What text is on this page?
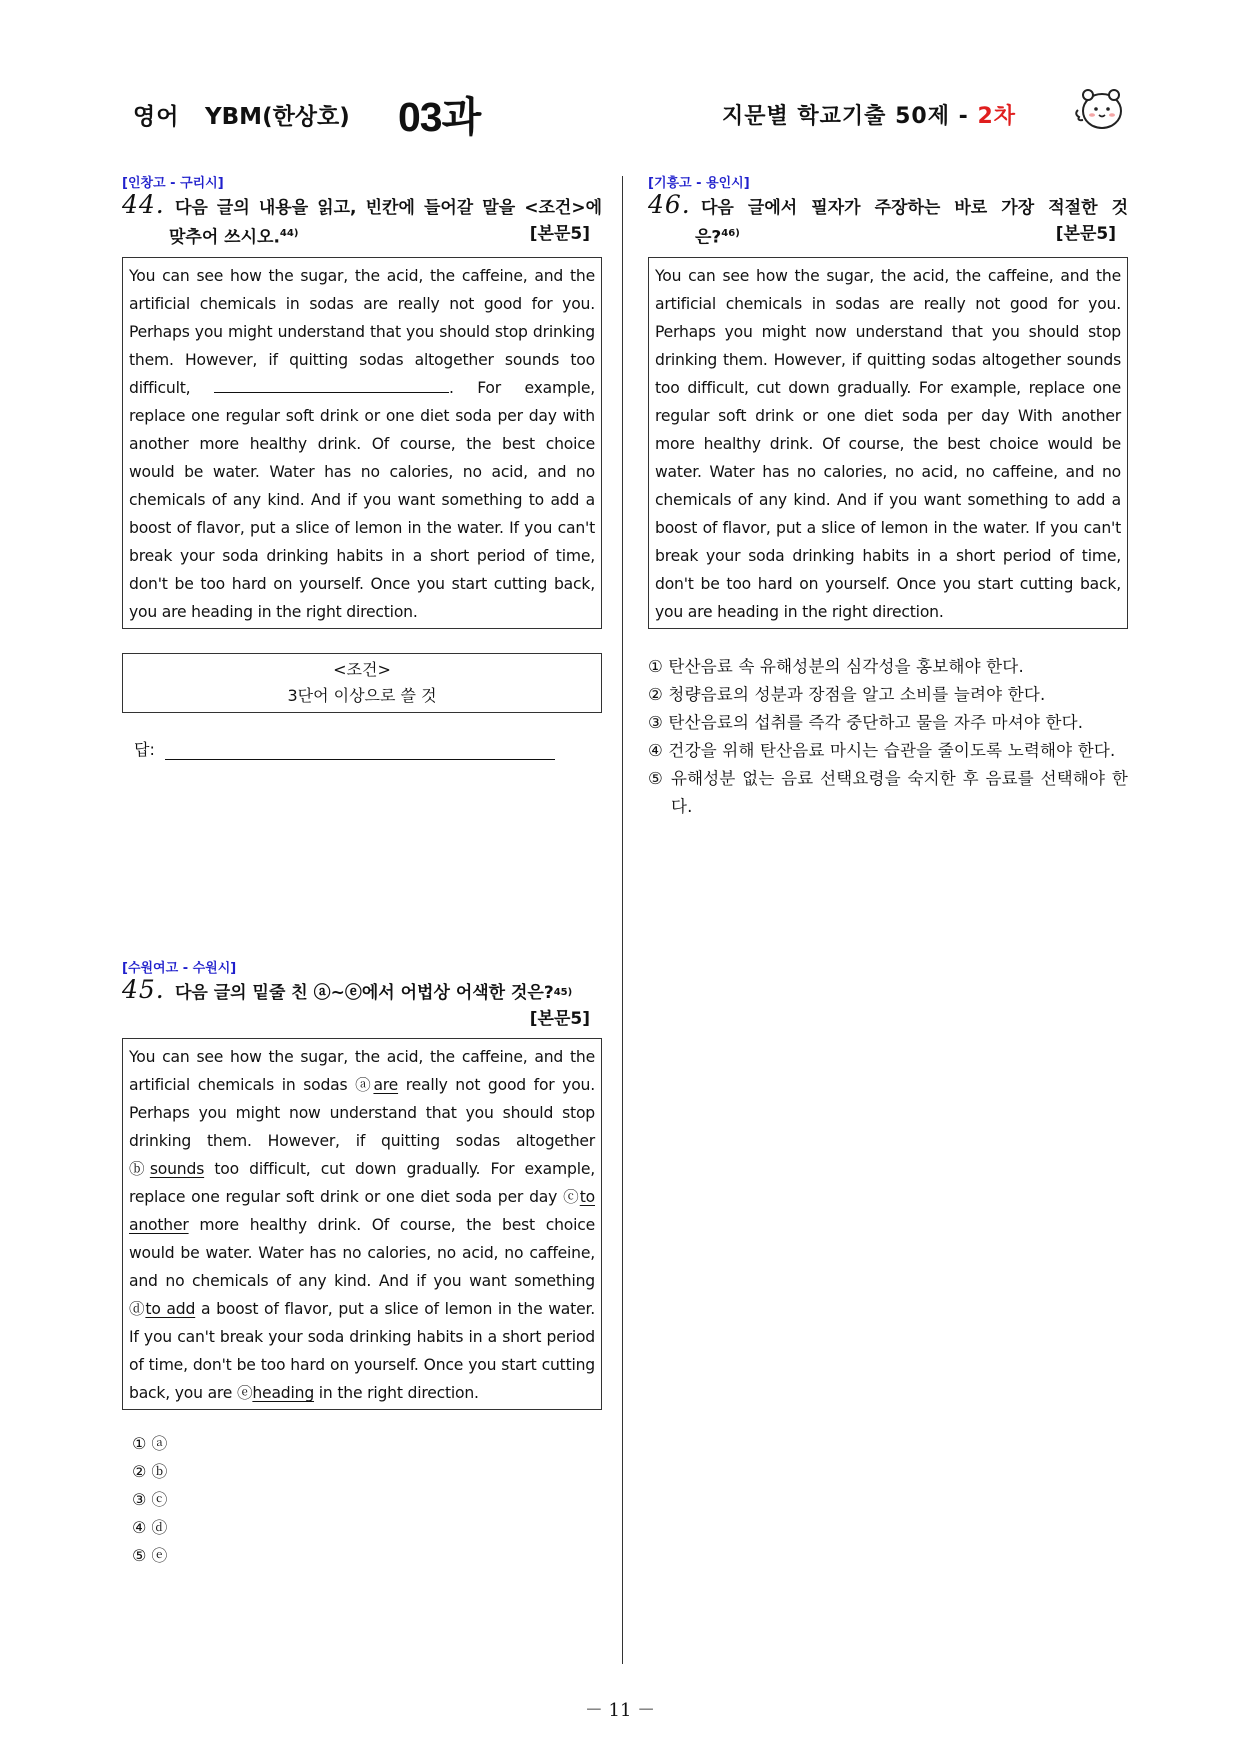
영어 YBM(한상호) 03과	지문별 학교기출 50제 - 2차
[인창고 - 구리시]
44. 다음 글의 내용을 읽고, 빈칸에 들어갈 말을 <조건>에
맞추어 쓰시오.$^{44)}$	[본문5]
You can see how the sugar, the acid, the caffeine, and the artificial chemicals in sodas are really not good for you. Perhaps you might understand that you should stop drinking them. However, if quitting sodas altogether sounds too difficult,	. For example, replace one regular soft drink or one diet soda per day with another more healthy drink. Of course, the best choice would be water. Water has no calories, no acid, and no chemicals of any kind. And if you want something to add a boost of flavor, put a slice of lemon in the water. If you can't break your soda drinking habits in a short period of time, don't be too hard on yourself. Once you start cutting back, you are heading in the right direction.
<조건>
3단어 이상으로 쓸 것
답:
[수원여고 - 수원시]
45. 다음 글의 밑줄 친 ⓐ~ⓔ에서 어법상 어색한 것은? 45)
[본문5]
You can see how the sugar, the acid, the caffeine, and the artificial chemicals in sodas ⓐare really not good for you. Perhaps you might now understand that you should stop drinking them. However, if quitting sodas altogether ⓑsounds too difficult, cut down gradually. For example, replace one regular soft drink or one diet soda per day ⓒto another more healthy drink. Of course, the best choice would be water. Water has no calories, no acid, no caffeine, and no chemicals of any kind. And if you want something ⓓto add a boost of flavor, put a slice of lemon in the water. If you can't break your soda drinking habits in a short period of time, don't be too hard on yourself. Once you start cutting back, you are ⓔheading in the right direction.
① ⓐ
② ⓑ
③ ⓒ
④ ⓓ
⑤ ⓔ
[기흥고 - 용인시]
46. 다음 글에서 필자가 주장하는 바로 가장 적절한 것
은?$^{46)}$	[본문5]
You can see how the sugar, the acid, the caffeine, and the artificial chemicals in sodas are really not good for you. Perhaps you might now understand that you should stop drinking them. However, if quitting sodas altogether sounds too difficult, cut down gradually. For example, replace one regular soft drink or one diet soda per day With another more healthy drink. Of course, the best choice would be water. Water has no calories, no acid, no caffeine, and no chemicals of any kind. And if you want something to add a boost of flavor, put a slice of lemon in the water. If you can't break your soda drinking habits in a short period of time, don't be too hard on yourself. Once you start cutting back, you are heading in the right direction.
① 탄산음료 속 유해성분의 심각성을 홍보해야 한다.
② 청량음료의 성분과 장점을 알고 소비를 늘려야 한다.
③ 탄산음료의 섭취를 즉각 중단하고 물을 자주 마셔야 한다.
④ 건강을 위해 탄산음료 마시는 습관을 줄이도록 노력해야 한다.
⑤ 유해성분 없는 음료 선택요령을 숙지한 후 음료를 선택해야 한다.
－ 11 －
